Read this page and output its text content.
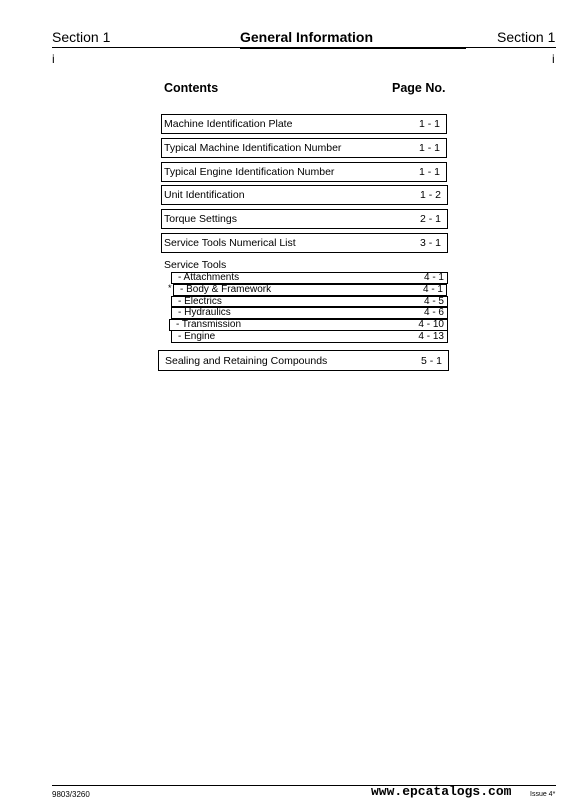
Section 1	General Information	Section 1
i	i
Contents	Page No.
Machine Identification Plate	1 - 1
Typical Machine Identification Number	1 - 1
Typical Engine Identification Number	1 - 1
Unit Identification	1 - 2
Torque Settings	2 - 1
Service Tools Numerical List	3 - 1
Service Tools
- Attachments	4 - 1
* - Body & Framework	4 - 1
- Electrics	4 - 5
- Hydraulics	4 - 6
- Transmission	4 - 10
- Engine	4 - 13
Sealing and Retaining Compounds	5 - 1
9803/3260	www.epcatalogs.com	Issue 4*
